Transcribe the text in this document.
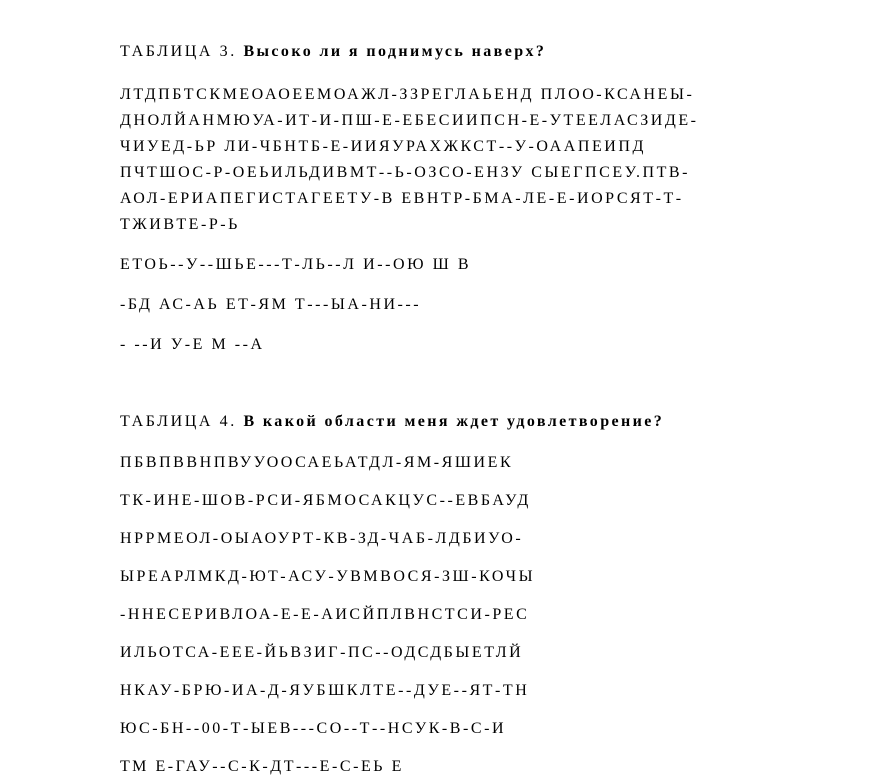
ТАБЛИЦА 3. Высоко ли я поднимусь наверх?

ЛТДПБТСКМЕОАОЕЕМОАЖЛ-ЗЗРЕГЛАЬЕНД ПЛОО-КСАНЕЫ-

ДНОЛЙАНМЮУА-ИТ-И-ПШ-Е-ЕБЕСИИПСН-Е-УТЕЕЛАСЗИДЕ-

ЧИУЕД-ЬР ЛИ-ЧБНТБ-Е-ИИЯУРАХЖКСТ--У-ОААПЕИПД

ПЧТШОС-Р-ОЕЬИЛЬДИВМТ--Ь-ОЗСО-ЕНЗУ СЫЕГПСЕУ.ПТВ-

АОЛ-ЕРИАПЕГИСТАГЕЕТУ-В ЕВНТР-БМА-ЛЕ-Е-ИОРСЯТ-Т-

ТЖИВТЕ-Р-Ь

ЕТОЬ--У--ШЬЕ---Т-ЛЬ--Л И--ОЮ Ш В

-БД АС-АЬ ЕТ-ЯМ Т---ЫА-НИ---

- --И У-Е М --А

ТАБЛИЦА 4. В какой области меня ждет удовлетворение?

ПБВПВВНПВУУООСАЕЬАТДЛ-ЯМ-ЯШИЕК

ТК-ИНЕ-ШОВ-РСИ-ЯБМОСАКЦУС--ЕВБАУД

НРРМЕОЛ-ОЫАОУРТ-КВ-ЗД-ЧАБ-ЛДБИУО-

ЫРЕАРЛМКД-ЮТ-АСУ-УВМВОСЯ-ЗШ-КОЧЫ

-ННЕСЕРИВЛОА-Е-Е-АИСЙПЛВНСТСИ-РЕС

ИЛЬОТСА-ЕЕЕ-ЙЬВЗИГ-ПС--ОДСДБЫЕТЛЙ

НКАУ-БРЮ-ИА-Д-ЯУБШКЛТЕ--ДУЕ--ЯТ-ТН

ЮС-БН--00-Т-ЫЕВ---СО--Т--НСУК-В-С-И

ТМ Е-ГАУ--С-К-ДТ---Е-С-ЕЬ Е
